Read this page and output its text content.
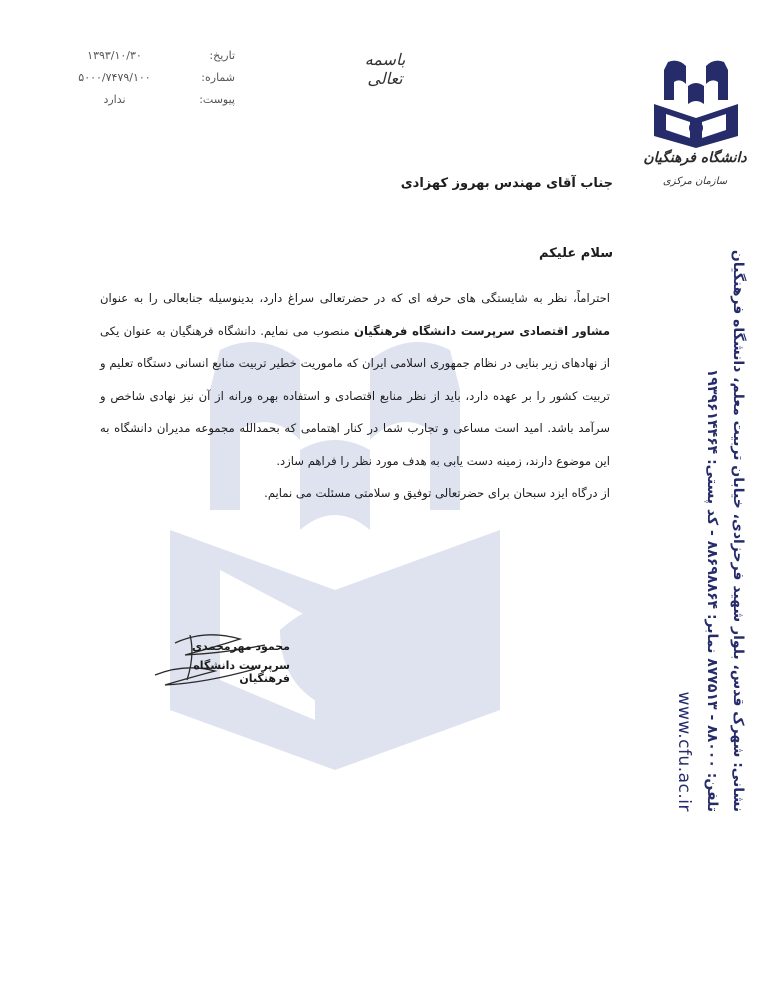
تاریخ:
۱۳۹۳/۱۰/۳۰
شماره:
۵۰۰۰/۷۴۷۹/۱۰۰
پیوست:
ندارد
باسمه تعالی
دانشگاه فرهنگیان
سازمان مرکزی
نشانی: شهرک قدس، بلوار شهید فرحزادی، خیابان تربیت معلم، دانشگاه فرهنگیان
تلفن: ۸۸۰۰۰ - ۸۷۷۵۱۳ نمابر: ۸۸۶۹۸۸۶۴ - کد پستی: ۱۹۳۹۶۱۴۴۶۴
www.cfu.ac.ir
جناب آقای مهندس بهروز کهزادی
سلام علیکم

احتراماً، نظر به شایستگی های حرفه ای که در حضرتعالی سراغ دارد، بدینوسیله جنابعالی را به عنوان مشاور اقتصادی سرپرست دانشگاه فرهنگیان منصوب می نمایم. دانشگاه فرهنگیان به عنوان یکی از نهادهای زیر بنایی در نظام جمهوری اسلامی ایران که ماموریت خطیر تربیت منابع انسانی دستگاه تعلیم و تربیت کشور را بر عهده دارد، باید از نظر منابع اقتصادی و استفاده بهره ورانه از آن نیز نهادی شاخص و سرآمد باشد. امید است مساعی و تجارب شما در کنار اهتمامی که بحمدالله مجموعه مدیران دانشگاه به این موضوع دارند، زمینه دست یابی به هدف مورد نظر را فراهم سازد.

از درگاه ایزد سبحان برای حضرتعالی توفیق و سلامتی مسئلت می نمایم.

محمود مهرمحمدی
سرپرست دانشگاه فرهنگیان
